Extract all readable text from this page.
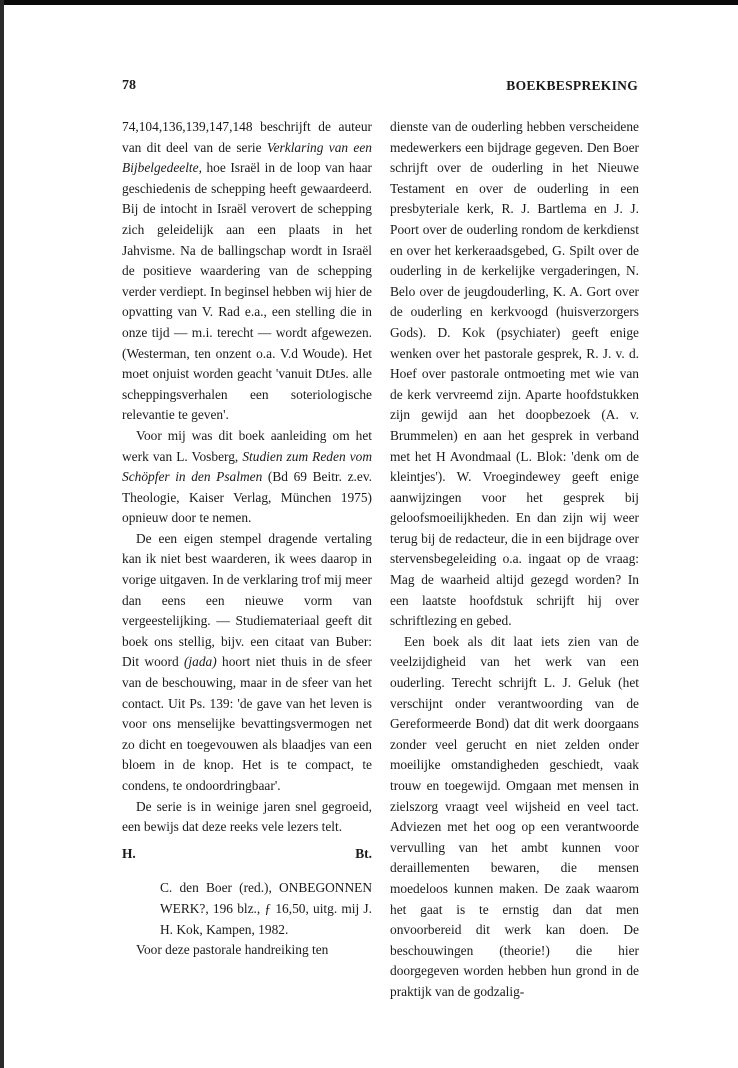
78	BOEKBESPREKING

74,104,136,139,147,148 beschrijft de auteur van dit deel van de serie Verklaring van een Bijbelgedeelte, hoe Israël in de loop van haar geschiedenis de schepping heeft gewaardeerd. Bij de intocht in Israël verovert de schepping zich geleidelijk aan een plaats in het Jahvisme. Na de ballingschap wordt in Israël de positieve waardering van de schepping verder verdiept. In beginsel hebben wij hier de opvatting van V. Rad e.a., een stelling die in onze tijd — m.i. terecht — wordt afgewezen. (Westerman, ten onzent o.a. V.d Woude). Het moet onjuist worden geacht 'vanuit DtJes. alle scheppingsverhalen een soteriologische relevantie te geven'.

Voor mij was dit boek aanleiding om het werk van L. Vosberg, Studien zum Reden vom Schöpfer in den Psalmen (Bd 69 Beitr. z.ev. Theologie, Kaiser Verlag, München 1975) opnieuw door te nemen.

De een eigen stempel dragende vertaling kan ik niet best waarderen, ik wees daarop in vorige uitgaven. In de verklaring trof mij meer dan eens een nieuwe vorm van vergeestelijking. — Studiemateriaal geeft dit boek ons stellig, bijv. een citaat van Buber: Dit woord (jada) hoort niet thuis in de sfeer van de beschouwing, maar in de sfeer van het contact. Uit Ps. 139: 'de gave van het leven is voor ons menselijke bevattingsvermogen net zo dicht en toegevouwen als blaadjes van een bloem in de knop. Het is te compact, te condens, te ondoordringbaar'.

De serie is in weinige jaren snel gegroeid, een bewijs dat deze reeks vele lezers telt.

H.	Bt.

C. den Boer (red.), ONBEGONNEN WERK?, 196 blz., ƒ 16,50, uitg. mij J. H. Kok, Kampen, 1982.

Voor deze pastorale handreiking ten

dienste van de ouderling hebben verscheidene medewerkers een bijdrage gegeven. Den Boer schrijft over de ouderling in het Nieuwe Testament en over de ouderling in een presbyteriale kerk, R. J. Bartlema en J. J. Poort over de ouderling rondom de kerkdienst en over het kerkeraadsgebed, G. Spilt over de ouderling in de kerkelijke vergaderingen, N. Belo over de jeugdouderling, K. A. Gort over de ouderling en kerkvoogd (huisverzorgers Gods). D. Kok (psychiater) geeft enige wenken over het pastorale gesprek, R. J. v. d. Hoef over pastorale ontmoeting met wie van de kerk vervreemd zijn. Aparte hoofdstukken zijn gewijd aan het doopbezoek (A. v. Brummelen) en aan het gesprek in verband met het H Avondmaal (L. Blok: 'denk om de kleintjes'). W. Vroegindewey geeft enige aanwijzingen voor het gesprek bij geloofsmoeilijkheden. En dan zijn wij weer terug bij de redacteur, die in een bijdrage over stervensbegeleiding o.a. ingaat op de vraag: Mag de waarheid altijd gezegd worden? In een laatste hoofdstuk schrijft hij over schriftlezing en gebed.

Een boek als dit laat iets zien van de veelzijdigheid van het werk van een ouderling. Terecht schrijft L. J. Geluk (het verschijnt onder verantwoording van de Gereformeerde Bond) dat dit werk doorgaans zonder veel gerucht en niet zelden onder moeilijke omstandigheden geschiedt, vaak trouw en toegewijd. Omgaan met mensen in zielszorg vraagt veel wijsheid en veel tact. Adviezen met het oog op een verantwoorde vervulling van het ambt kunnen voor deraillementen bewaren, die mensen moedeloos kunnen maken. De zaak waarom het gaat is te ernstig dan dat men onvoorbereid dit werk kan doen. De beschouwingen (theorie!) die hier doorgegeven worden hebben hun grond in de praktijk van de godzalig-
